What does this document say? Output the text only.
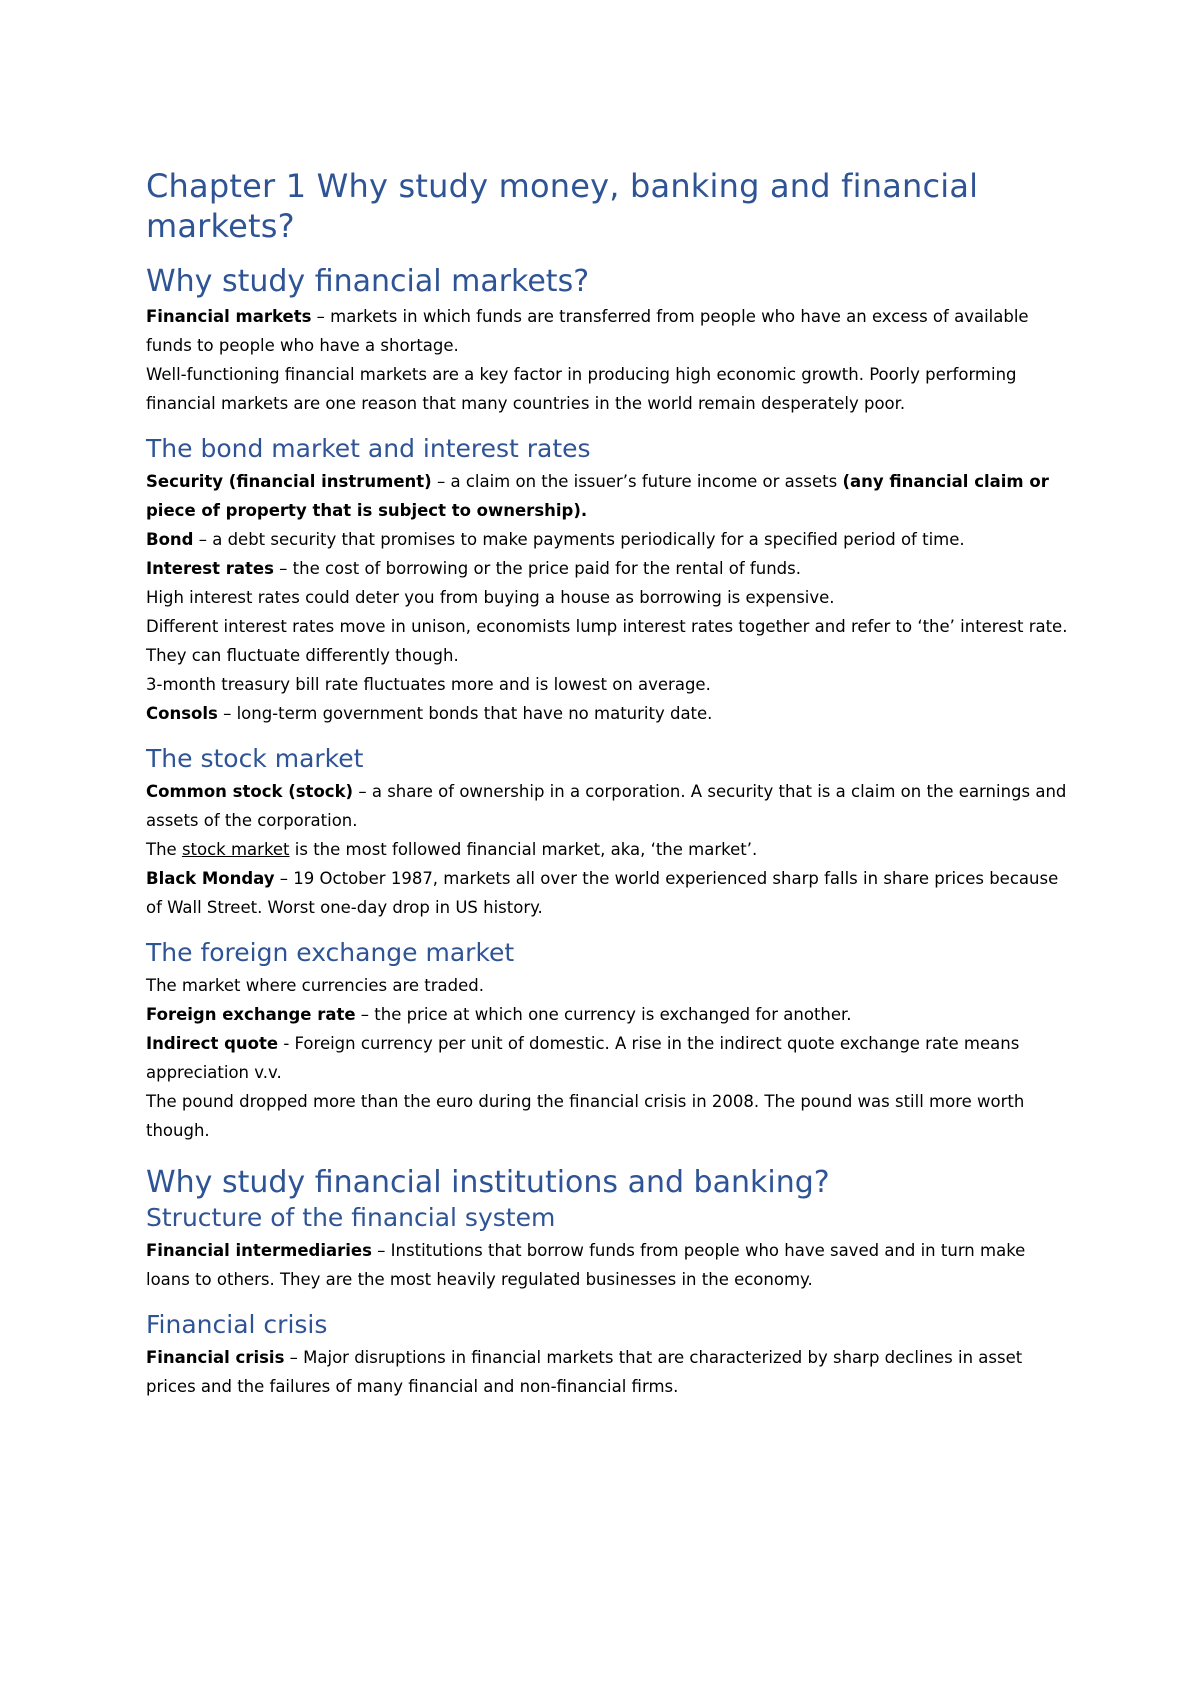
Chapter 1 Why study money, banking and financial markets?
Why study financial markets?

Financial markets – markets in which funds are transferred from people who have an excess of available funds to people who have a shortage.

Well-functioning financial markets are a key factor in producing high economic growth. Poorly performing financial markets are one reason that many countries in the world remain desperately poor.

The bond market and interest rates

Security (financial instrument) – a claim on the issuer’s future income or assets (any financial claim or piece of property that is subject to ownership).

Bond – a debt security that promises to make payments periodically for a specified period of time.

Interest rates – the cost of borrowing or the price paid for the rental of funds.

High interest rates could deter you from buying a house as borrowing is expensive.

Different interest rates move in unison, economists lump interest rates together and refer to ‘the’ interest rate. They can fluctuate differently though.

3-month treasury bill rate fluctuates more and is lowest on average.

Consols – long-term government bonds that have no maturity date.

The stock market

Common stock (stock) – a share of ownership in a corporation. A security that is a claim on the earnings and assets of the corporation.

The stock market is the most followed financial market, aka, ‘the market’.

Black Monday – 19 October 1987, markets all over the world experienced sharp falls in share prices because of Wall Street. Worst one-day drop in US history.

The foreign exchange market

The market where currencies are traded.

Foreign exchange rate – the price at which one currency is exchanged for another.

Indirect quote - Foreign currency per unit of domestic. A rise in the indirect quote exchange rate means appreciation v.v.

The pound dropped more than the euro during the financial crisis in 2008. The pound was still more worth though.

Why study financial institutions and banking?
Structure of the financial system

Financial intermediaries – Institutions that borrow funds from people who have saved and in turn make loans to others. They are the most heavily regulated businesses in the economy.

Financial crisis

Financial crisis – Major disruptions in financial markets that are characterized by sharp declines in asset prices and the failures of many financial and non-financial firms.
